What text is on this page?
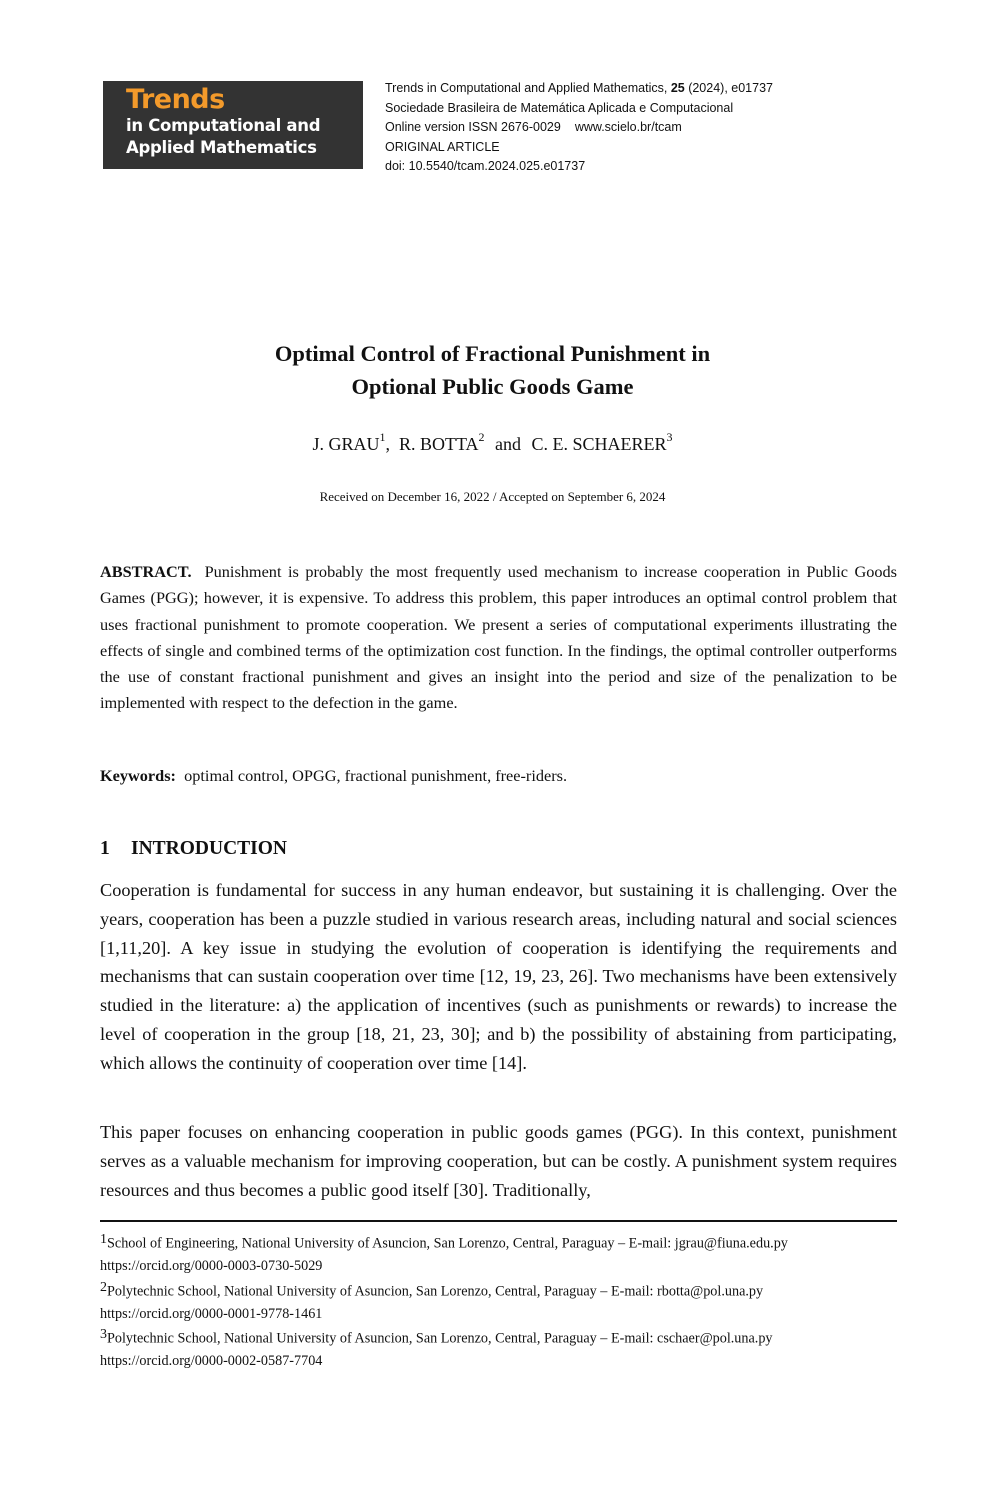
Trends
in Computational and
Applied Mathematics
Trends in Computational and Applied Mathematics, 25 (2024), e01737
Sociedade Brasileira de Matemática Aplicada e Computacional
Online version ISSN 2676-0029 www.scielo.br/tcam
ORIGINAL ARTICLE
doi: 10.5540/tcam.2024.025.e01737
Optimal Control of Fractional Punishment in
Optional Public Goods Game
J. GRAU$^1$,  R. BOTTA$^2$ and C. E. SCHAERER$^3$
Received on December 16, 2022 / Accepted on September 6, 2024

ABSTRACT. Punishment is probably the most frequently used mechanism to increase cooperation in Public Goods Games (PGG); however, it is expensive. To address this problem, this paper introduces an optimal control problem that uses fractional punishment to promote cooperation. We present a series of computational experiments illustrating the effects of single and combined terms of the optimization cost function. In the findings, the optimal controller outperforms the use of constant fractional punishment and gives an insight into the period and size of the penalization to be implemented with respect to the defection in the game.

Keywords: optimal control, OPGG, fractional punishment, free-riders.

1 INTRODUCTION

Cooperation is fundamental for success in any human endeavor, but sustaining it is challenging. Over the years, cooperation has been a puzzle studied in various research areas, including natural and social sciences [1,11,20]. A key issue in studying the evolution of cooperation is identifying the requirements and mechanisms that can sustain cooperation over time [12, 19, 23, 26]. Two mechanisms have been extensively studied in the literature: a) the application of incentives (such as punishments or rewards) to increase the level of cooperation in the group [18, 21, 23, 30]; and b) the possibility of abstaining from participating, which allows the continuity of cooperation over time [14].

This paper focuses on enhancing cooperation in public goods games (PGG). In this context, punishment serves as a valuable mechanism for improving cooperation, but can be costly. A punishment system requires resources and thus becomes a public good itself [30]. Traditionally,

$^1$School of Engineering, National University of Asuncion, San Lorenzo, Central, Paraguay – E-mail: jgrau@fiuna.edu.py
https://orcid.org/0000-0003-0730-5029

$^2$Polytechnic School, National University of Asuncion, San Lorenzo, Central, Paraguay – E-mail: rbotta@pol.una.py
https://orcid.org/0000-0001-9778-1461

$^3$Polytechnic School, National University of Asuncion, San Lorenzo, Central, Paraguay – E-mail: cschaer@pol.una.py
https://orcid.org/0000-0002-0587-7704
